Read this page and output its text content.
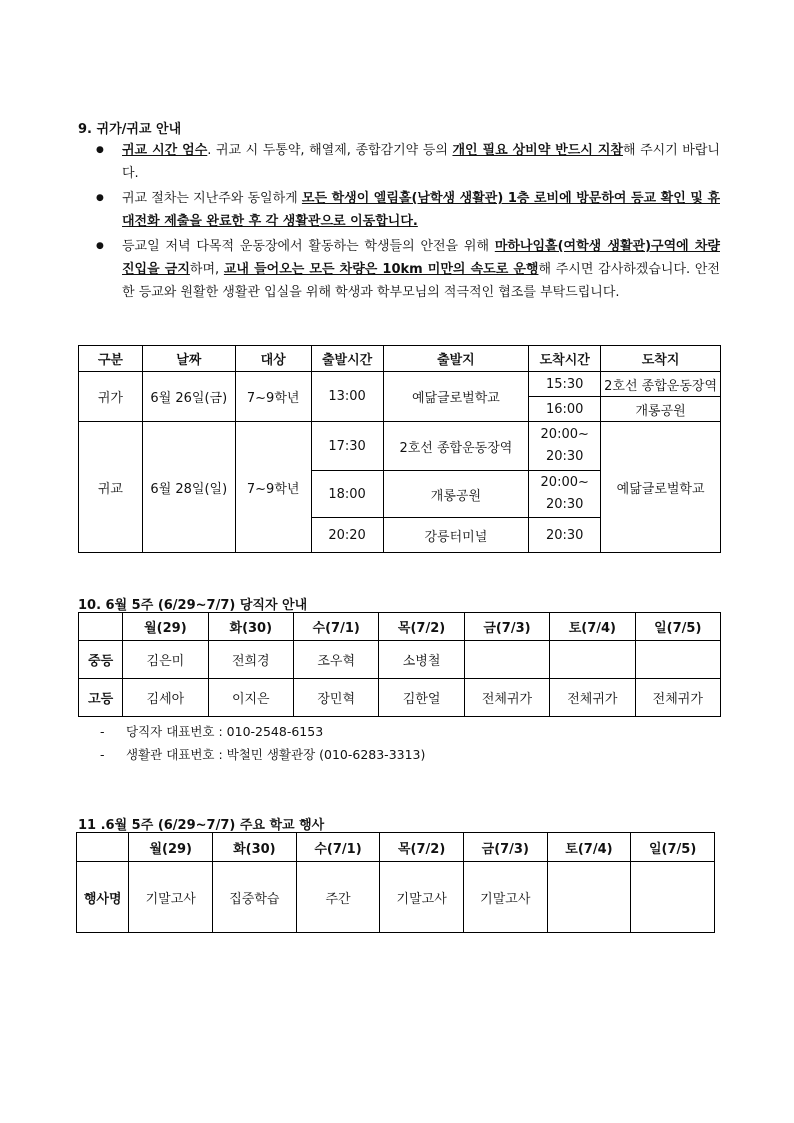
9. 귀가/귀교 안내
● 귀교 시간 엄수. 귀교 시 두통약, 해열제, 종합감기약 등의 개인 필요 상비약 반드시 지참해 주시기 바랍니다.
● 귀교 절차는 지난주와 동일하게 모든 학생이 엘림홀(남학생 생활관) 1층 로비에 방문하여 등교 확인 및 휴대전화 제출을 완료한 후 각 생활관으로 이동합니다.
● 등교일 저녁 다목적 운동장에서 활동하는 학생들의 안전을 위해 마하나임홀(여학생 생활관)구역에 차량 진입을 금지하며, 교내 들어오는 모든 차량은 10km 미만의 속도로 운행해 주시면 감사하겠습니다. 안전한 등교와 원활한 생활관 입실을 위해 학생과 학부모님의 적극적인 협조를 부탁드립니다.
구분	날짜	대상	출발시간	출발지	도착시간	도착지
귀가	6월 26일(금)	7~9학년	13:00	예닮글로벌학교	15:30	2호선 종합운동장역
					16:00	개롱공원
귀교	6월 28일(일)	7~9학년	17:30	2호선 종합운동장역	20:00~ 20:30	예닮글로벌학교
			18:00	개롱공원	20:00~ 20:30	
			20:20	강릉터미널	20:30	
10. 6월 5주 (6/29~7/7) 당직자 안내
	월(29)	화(30)	수(7/1)	목(7/2)	금(7/3)	토(7/4)	일(7/5)
중등	김은미	전희경	조우혁	소병철			
고등	김세아	이지은	장민혁	김한얼	전체귀가	전체귀가	전체귀가
- 당직자 대표번호 : 010-2548-6153
- 생활관 대표번호 : 박철민 생활관장 (010-6283-3313)
11 .6월 5주 (6/29~7/7) 주요 학교 행사
	월(29)	화(30)	수(7/1)	목(7/2)	금(7/3)	토(7/4)	일(7/5)
행사명	기말고사	집중학습	주간	기말고사	기말고사		
